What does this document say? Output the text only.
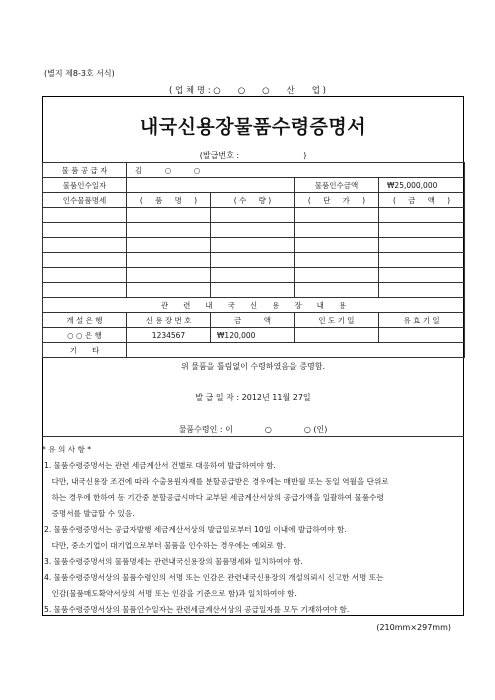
(별지 제8-3호 서식)
( 업 체 명 : ○　　○　　○　　산　　업 )
내국신용장물품수령증명서
(발급번호 :　　　　　　　　)
물 품 공 급 자	김　　　○　　　○			
물품인수일자			물품인수금액	₩25,000,000
인수물품명세	( 　 품 　 명 　 )	( 수 　 량 )	( 　 단 　 가 　 )	( 　 금 　 액 　 )

관　　련　　내　　국　　신　　용　　장　　내　　용				
개 설 은 행	신 용 장 번 호	금　　　액	인 도 기 일	유 효 기 일
○ ○ 은 행	1234567	₩120,000		
기　　타				
위 물품을 틀림없이 수령하였음을 증명함.
발 급 일 자 : 2012년 11월 27일
물품수령인 : 이　　　　○　　　　○ (인)
* 유 의 사 항 *
1. 물품수령증명서는 관련 세금계산서 건별로 대응하여 발급하여야 함.
　다만, 내국신용장 조건에 따라 수출용원자재를 분할공급받은 경우에는 매반월 또는 동일 역월을 단위로
　하는 경우에 한하여 동 기간중 분할공급시마다 교부된 세금계산서상의 공급가액을 일괄하여 물품수령
　증명서를 발급할 수 있음.
2. 물품수령증명서는 공급자발행 세금계산서상의 발급일로부터 10일 이내에 발급하여야 함.
　다만, 중소기업이 대기업으로부터 물품을 인수하는 경우에는 예외로 함.
3. 물품수령증명서의 물품명세는 관련내국신용장의 물품명세와 일치하여야 함.
4. 물품수령증명서상의 물품수령인의 서명 또는 인감은 관련내국신용장의 개설의뢰시 신고한 서명 또는
　인감(물품매도확약서상의 서명 또는 인감을 기준으로 함)과 일치하여야 함.
5. 물품수령증명서상의 물품인수일자는 관련세금계산서상의 공급일자를 모두 기재하여야 함.
(210mm×297mm)
